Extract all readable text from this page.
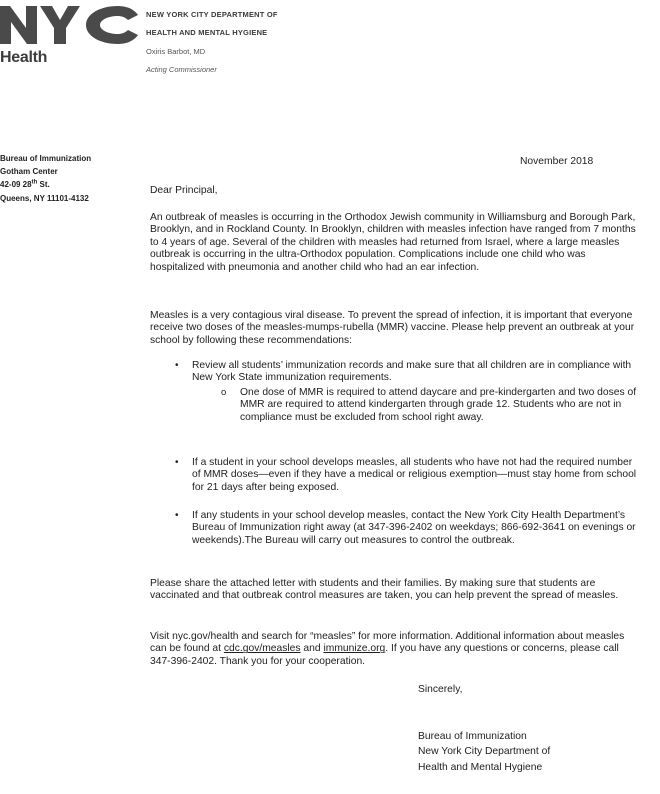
Health
NEW YORK CITY DEPARTMENT OF
HEALTH AND MENTAL HYGIENE
Oxiris Barbot, MD
Acting Commissioner
Bureau of Immunization
Gotham Center
42-09 28th St.
Queens, NY 11101-4132
November 2018
Dear Principal,
An outbreak of measles is occurring in the Orthodox Jewish community in Williamsburg and Borough Park, Brooklyn, and in Rockland County. In Brooklyn, children with measles infection have ranged from 7 months to 4 years of age. Several of the children with measles had returned from Israel, where a large measles outbreak is occurring in the ultra-Orthodox population. Complications include one child who was hospitalized with pneumonia and another child who had an ear infection.
Measles is a very contagious viral disease. To prevent the spread of infection, it is important that everyone receive two doses of the measles-mumps-rubella (MMR) vaccine. Please help prevent an outbreak at your school by following these recommendations:
• Review all students’ immunization records and make sure that all children are in compliance with New York State immunization requirements.
o One dose of MMR is required to attend daycare and pre-kindergarten and two doses of MMR are required to attend kindergarten through grade 12. Students who are not in compliance must be excluded from school right away.
• If a student in your school develops measles, all students who have not had the required number of MMR doses—even if they have a medical or religious exemption—must stay home from school for 21 days after being exposed.
• If any students in your school develop measles, contact the New York City Health Department’s Bureau of Immunization right away (at 347-396-2402 on weekdays; 866-692-3641 on evenings or weekends).The Bureau will carry out measures to control the outbreak.
Please share the attached letter with students and their families. By making sure that students are vaccinated and that outbreak control measures are taken, you can help prevent the spread of measles.
Visit nyc.gov/health and search for “measles” for more information. Additional information about measles can be found at cdc.gov/measles and immunize.org. If you have any questions or concerns, please call 347-396-2402. Thank you for your cooperation.
Sincerely,
Bureau of Immunization
New York City Department of
Health and Mental Hygiene
